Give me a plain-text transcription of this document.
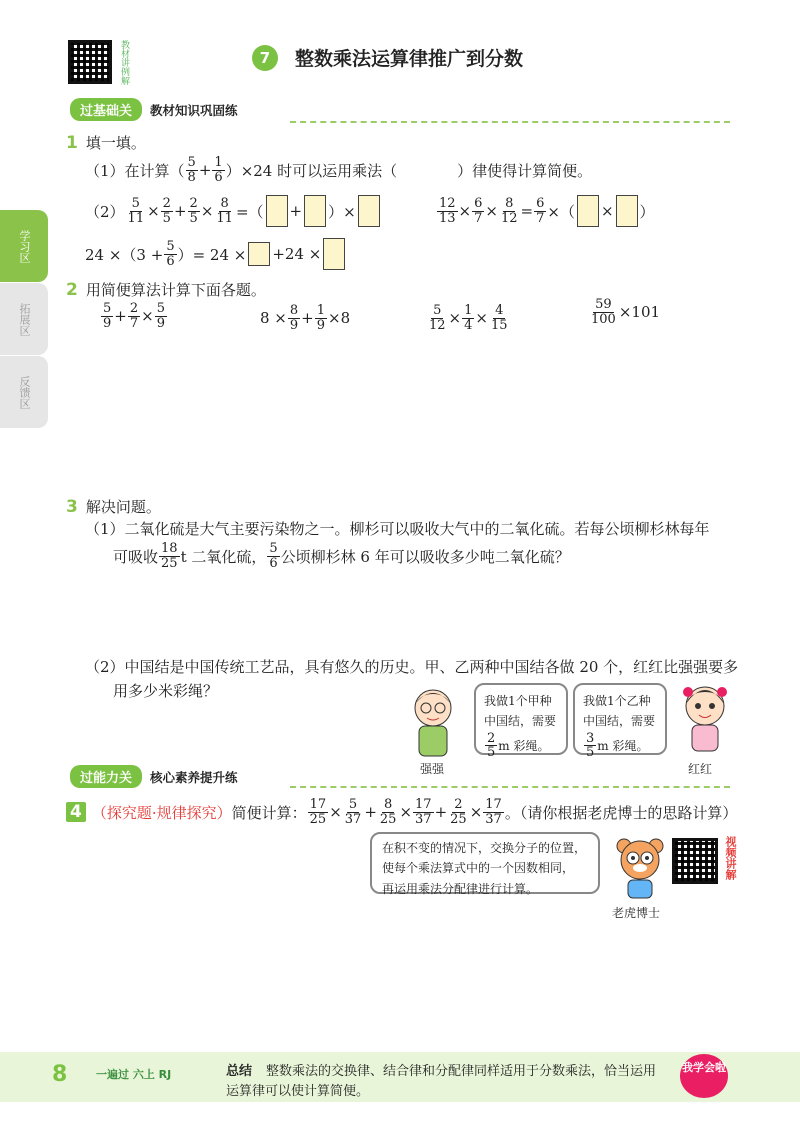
教材讲例解	7	整数乘法运算律推广到分数
学习区
拓展区
反馈区
过基础关	教材知识巩固练
1 填一填。
（1）在计算（ $\frac{5}{8} + \frac{1}{6} )\times 24$ 时可以运用乘法（	）律使得计算简便。
$(2) \frac{5}{11} \times \frac{2}{5} + \frac{2}{5} \times \frac{8}{11}$ =（ + ）×	$\frac{12}{13} \times \frac{6}{7} \times \frac{8}{12} = \frac{6}{7}$ ×（ × ）
$24 \times(3 + \frac{5}{6}$ ）= 24 × +24 ×
2 用简便算法计算下面各题。
$\frac{5}{9} + \frac{2}{7} \times \frac{5}{9}$	$8 \times \frac{8}{9} + \frac{1}{9} \times 8$	$\frac{5}{12} \times \frac{1}{4} \times \frac{4}{15}$	$\frac{59}{100} \times 101$
3 解决问题。
（1）二氧化硫是大气主要污染物之一。柳杉可以吸收大气中的二氧化硫。若每公顷柳杉林每年
可吸收 $\frac{18}{25}$ t 二氧化硫， $\frac{5}{6}$ 公顷柳杉林 6 年可以吸收多少吨二氧化硫？
（2）中国结是中国传统工艺品，具有悠久的历史。甲、乙两种中国结各做 20 个，红红比强强要多
用多少米彩绳？
强强
我做1个甲种
中国结，需要
$\frac{2}{5}$ m 彩绳。
我做1个乙种
中国结，需要
$\frac{3}{5}$ m 彩绳。
红红
过能力关	核心素养提升练
4 （探究题·规律探究） 简便计算： $\frac{17}{25} \times \frac{5}{37} + \frac{8}{25} \times \frac{17}{37} + \frac{2}{25} \times \frac{17}{37}$ 。（请你根据老虎博士的思路计算）
在积不变的情况下，交换分子的位置，
使每个乘法算式中的一个因数相同，
再运用乘法分配律进行计算。
老虎博士
视频讲解
8	一遍过 六上 RJ	总结 整数乘法的交换律、结合律和分配律同样适用于分数乘法，恰当运用
运算律可以使计算简便。
我学会啦
